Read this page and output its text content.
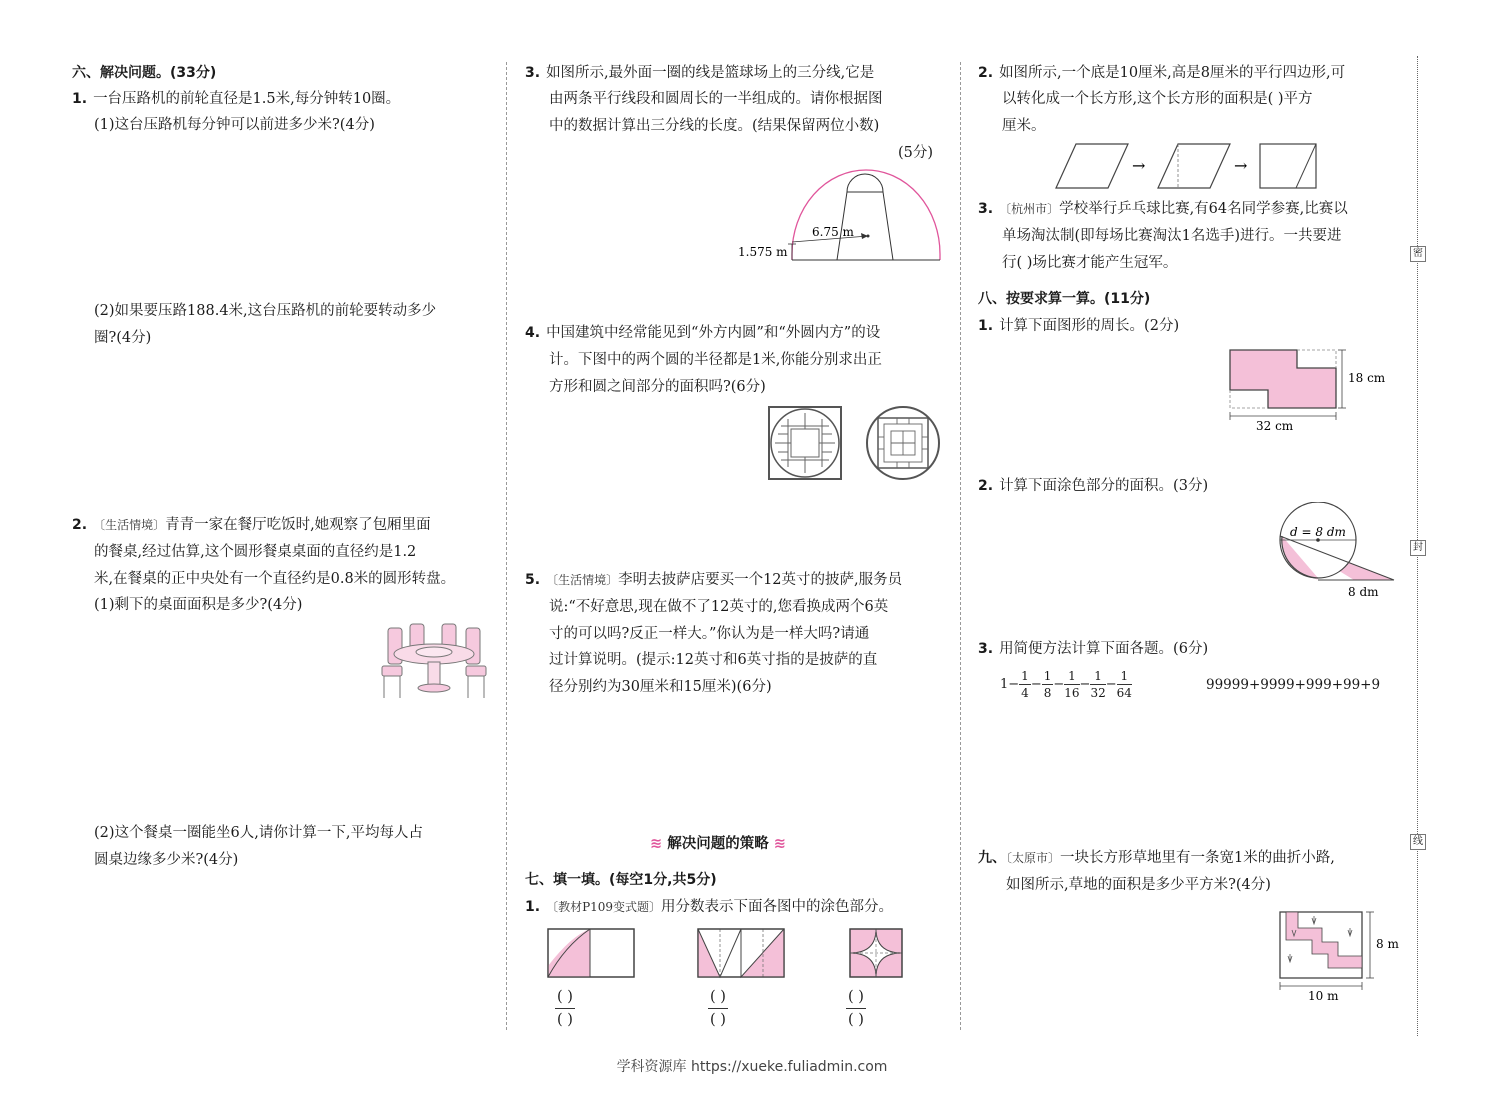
密
封
线
六、解决问题。(33分)
1. 一台压路机的前轮直径是1.5米,每分钟转10圈。
(1)这台压路机每分钟可以前进多少米?(4分)
(2)如果要压路188.4米,这台压路机的前轮要转动多少
圈?(4分)
2. 〔生活情境〕青青一家在餐厅吃饭时,她观察了包厢里面
的餐桌,经过估算,这个圆形餐桌桌面的直径约是1.2
米,在餐桌的正中央处有一个直径约是0.8米的圆形转盘。
(1)剩下的桌面面积是多少?(4分)
(2)这个餐桌一圈能坐6人,请你计算一下,平均每人占
圆桌边缘多少米?(4分)
3. 如图所示,最外面一圈的线是篮球场上的三分线,它是
由两条平行线段和圆周长的一半组成的。请你根据图
中的数据计算出三分线的长度。(结果保留两位小数)
(5分)
6.75 m
1.575 m
4. 中国建筑中经常能见到“外方内圆”和“外圆内方”的设
计。下图中的两个圆的半径都是1米,你能分别求出正
方形和圆之间部分的面积吗?(6分)
5. 〔生活情境〕李明去披萨店要买一个12英寸的披萨,服务员
说:“不好意思,现在做不了12英寸的,您看换成两个6英
寸的可以吗?反正一样大。”你认为是一样大吗?请通
过计算说明。(提示:12英寸和6英寸指的是披萨的直
径分别约为30厘米和15厘米)(6分)
≋ 解决问题的策略 ≋
七、填一填。(每空1分,共5分)
1. 〔教材P109变式题〕用分数表示下面各图中的涂色部分。
( )
( )
( )
( )
( )
( )
2. 如图所示,一个底是10厘米,高是8厘米的平行四边形,可
以转化成一个长方形,这个长方形的面积是( )平方
厘米。
→	→
3. 〔杭州市〕学校举行乒乓球比赛,有64名同学参赛,比赛以
单场淘汰制(即每场比赛淘汰1名选手)进行。一共要进
行( )场比赛才能产生冠军。
八、按要求算一算。(11分)
1. 计算下面图形的周长。(2分)
32 cm
18 cm
2. 计算下面涂色部分的面积。(3分)
d = 8 dm
8 dm
3. 用简便方法计算下面各题。(6分)
$1- \frac{1}{4} - \frac{1}{8} - \frac{1}{16} - \frac{1}{32} - \frac{1}{64}$	99999+9999+999+99+9
九、〔太原市〕一块长方形草地里有一条宽1米的曲折小路,
如图所示,草地的面积是多少平方米?(4分)
10 m
8 m
学科资源库 https://xueke.fuliadmin.com
